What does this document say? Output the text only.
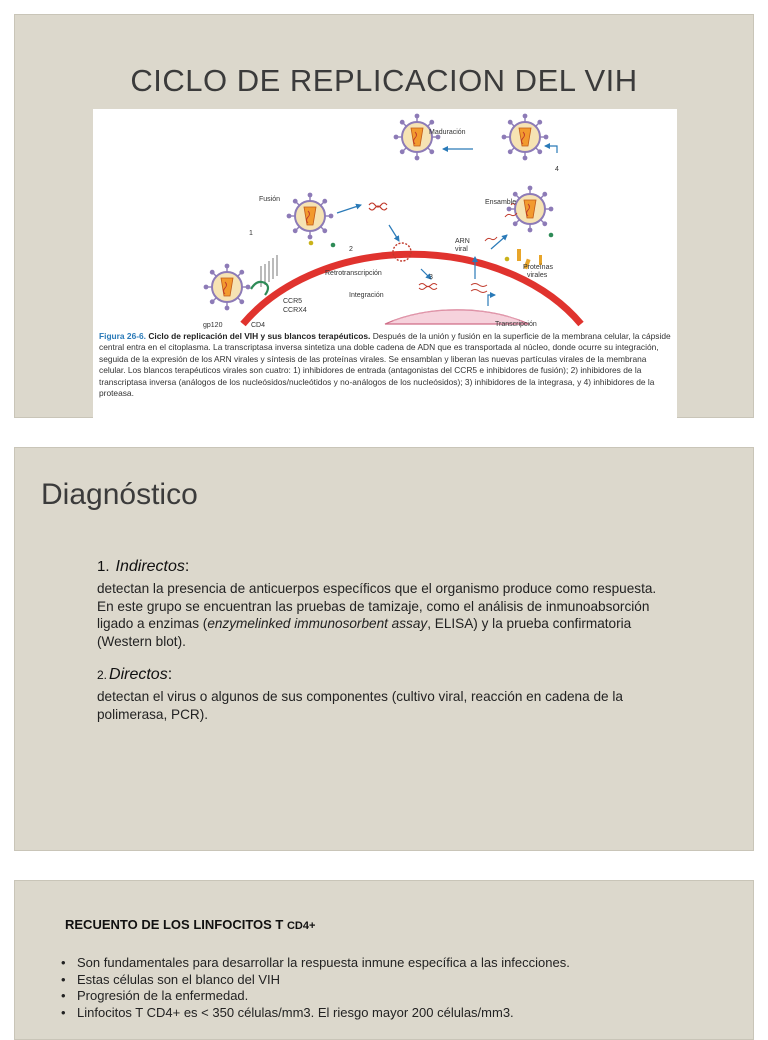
CICLO DE REPLICACION DEL VIH
Maduración
Fusión	Ensamble
Retrotranscripción
Integración
ARN
viral
Proteínas
virales
CCR5
CCRX4
CD4
gp120	Transcripción
1
2
3
4
Figura 26-6. Ciclo de replicación del VIH y sus blancos terapéuticos. Después de la unión y fusión en la superficie de la membrana celular, la cápside central entra en el citoplasma. La transcriptasa inversa sintetiza una doble cadena de ADN que es transportada al núcleo, donde ocurre su integración, seguida de la expresión de los ARN virales y síntesis de las proteínas virales. Se ensamblan y liberan las nuevas partículas virales de la membrana celular. Los blancos terapéuticos virales son cuatro: 1) inhibidores de entrada (antagonistas del CCR5 e inhibidores de fusión); 2) inhibidores de la transcriptasa inversa (análogos de los nucleósidos/nucleótidos y no-análogos de los nucleósidos); 3) inhibidores de la integrasa, y 4) inhibidores de la proteasa.
Diagnóstico
1. Indirectos:
detectan la presencia de anticuerpos específicos que el organismo produce como respuesta. En este grupo se encuentran las pruebas de tamizaje, como el análisis de inmunoabsorción ligado a enzimas (enzymelinked immunosorbent assay, ELISA) y la prueba confirmatoria (Western blot).
2. Directos:
detectan el virus o algunos de sus componentes (cultivo viral, reacción en cadena de la polimerasa, PCR).
RECUENTO DE LOS LINFOCITOS T CD4+
• Son fundamentales para desarrollar la respuesta inmune específica a las infecciones.
• Estas células son el blanco del VIH
• Progresión de la enfermedad.
• Linfocitos T CD4+ es < 350 células/mm3. El riesgo mayor 200 células/mm3.
